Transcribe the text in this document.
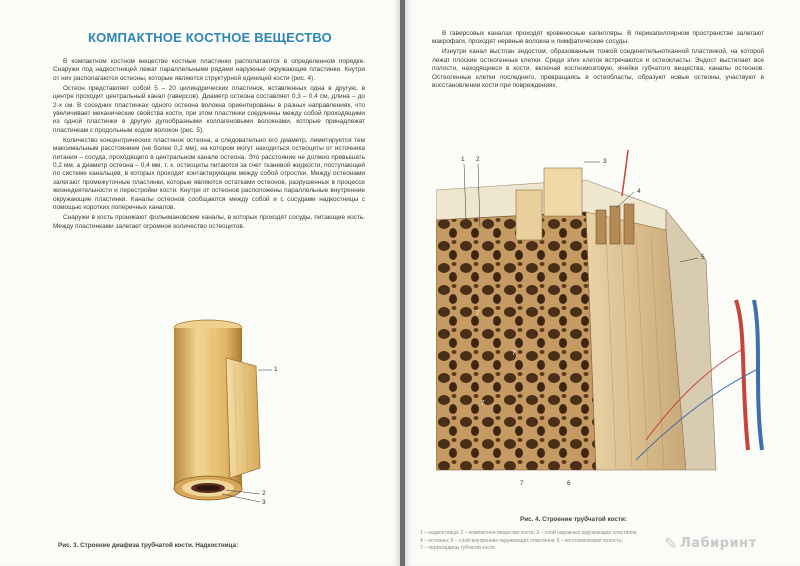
КОМПАКТНОЕ КОСТНОЕ ВЕЩЕСТВО

В компактном костном веществе костные пластинки располагаются в определенном порядке. Снаружи под надкостницей лежат параллельными рядами наружные окружающие пластинки. Кнутри от них располагаются остеоны, которые являются структурной единицей кости (рис. 4).

Остеон представляет собой 5 – 20 цилиндрических пластинок, вставленных одна в другую, в центре проходит центральный канал (гаверсов). Диаметр остеона составляет 0,3 – 0,4 см, длина – до 2-х см. В соседних пластинках одного остеона волокна ориентированы в разных направлениях, что увеличивает механические свойства кости, при этом пластинки соединены между собой проходящими из одной пластинки в другую дугообразными коллагеновыми волокнами, которые принадлежат пластинкам с продольным ходом волокон (рис. 5).

Количество концентрических пластинок остеона, а следовательно его диаметр, лимитируется тем максимальным расстоянием (не более 0,2 мм), на котором могут находиться остеоциты от источника питания – сосуда, проходящего в центральном канале остеона. Это расстояние не должно превышать 0,2 мм, а диаметр остеона – 0,4 мм, т. к. остеоциты питаются за счет тканевой жидкости, поступающей по системе канальцев, в которых проходят контактирующие между собой отростки. Между остеонами залегают промежуточные пластинки, которые являются остатками остеонов, разрушенных в процессе жизнедеятельности и перестройки кости. Кнутри от остеонов расположены параллельные внутренние окружающие пластинки. Каналы остеонов сообщаются между собой и с сосудами надкостницы с помощью коротких поперечных каналов.

Снаружи в кость проникают фолькмановские каналы, в которых проходят сосуды, питающие кость. Между пластинками залегает огромное количество остеоцитов.

1
2
3
Рис. 3. Строение диафиза трубчатой кости. Надкостница:

В гаверсовых каналах проходят кровеносные капилляры. В перикапиллярном пространстве залегают макрофаги, проходят нервные волокна и лимфатические сосуды.

Изнутри канал выстлан эндостом, образованным тонкой соединительнотканной пластинкой, на которой лежат плоские остеогенные клетки. Среди этих клеток встречаются и остеокласты. Эндост выстилает все полости, находящиеся в кости, включая костномозговую, ячейки губчатого вещества, каналы остеонов. Остеогенные клетки последнего, превращаясь в остеобласты, образуют новые остеоны, участвуют в восстановлении кости при повреждениях.

1 2	3
4
5
6
7
7
7
7
Рис. 4. Строение трубчатой кости:
1 – надкостница; 2 – компактное вещество кости; 3 – слой наружных окружающих пластинок;
4 – остеоны; 5 – слой внутренних окружающих пластинок; 6 – костномозговая полость;
7 – перекладины губчатой кости	✎ Лабиринт
